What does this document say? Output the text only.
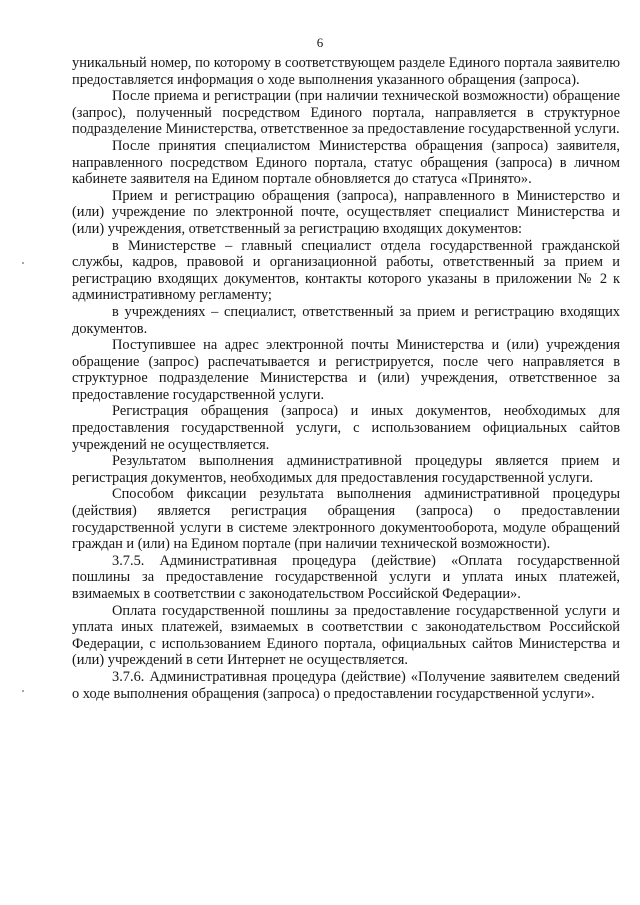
6

уникальный номер, по которому в соответствующем разделе Единого портала заявителю предоставляется информация о ходе выполнения указанного обращения (запроса).

После приема и регистрации (при наличии технической возможности) обращение (запрос), полученный посредством Единого портала, направляется в структурное подразделение Министерства, ответственное за предоставление государственной услуги.

После принятия специалистом Министерства обращения (запроса) заявителя, направленного посредством Единого портала, статус обращения (запроса) в личном кабинете заявителя на Едином портале обновляется до статуса «Принято».

Прием и регистрацию обращения (запроса), направленного в Министерство и (или) учреждение по электронной почте, осуществляет специалист Министерства и (или) учреждения, ответственный за регистрацию входящих документов:

в Министерстве – главный специалист отдела государственной гражданской службы, кадров, правовой и организационной работы, ответственный за прием и регистрацию входящих документов, контакты которого указаны в приложении № 2 к административному регламенту;

в учреждениях – специалист, ответственный за прием и регистрацию входящих документов.

Поступившее на адрес электронной почты Министерства и (или) учреждения обращение (запрос) распечатывается и регистрируется, после чего направляется в структурное подразделение Министерства и (или) учреждения, ответственное за предоставление государственной услуги.

Регистрация обращения (запроса) и иных документов, необходимых для предоставления государственной услуги, с использованием официальных сайтов учреждений не осуществляется.

Результатом выполнения административной процедуры является прием и регистрация документов, необходимых для предоставления государственной услуги.

Способом фиксации результата выполнения административной процедуры (действия) является регистрация обращения (запроса) о предоставлении государственной услуги в системе электронного документооборота, модуле обращений граждан и (или) на Едином портале (при наличии технической возможности).

3.7.5. Административная процедура (действие) «Оплата государственной пошлины за предоставление государственной услуги и уплата иных платежей, взимаемых в соответствии с законодательством Российской Федерации».

Оплата государственной пошлины за предоставление государственной услуги и уплата иных платежей, взимаемых в соответствии с законодательством Российской Федерации, с использованием Единого портала, официальных сайтов Министерства и (или) учреждений в сети Интернет не осуществляется.

3.7.6. Административная процедура (действие) «Получение заявителем сведений о ходе выполнения обращения (запроса) о предоставлении государственной услуги».
